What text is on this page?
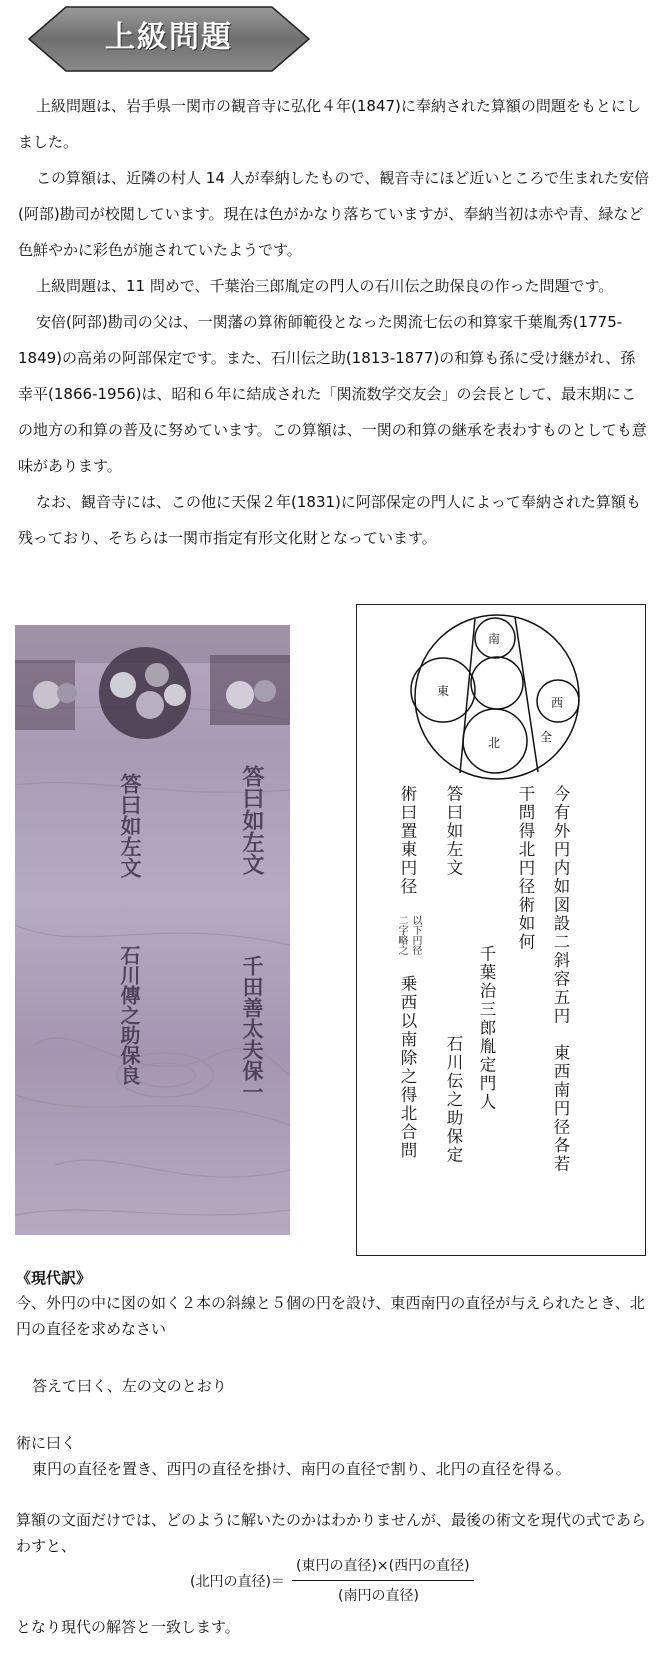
上級問題
上級問題は、岩手県一関市の観音寺に弘化４年(1847)に奉納された算額の問題をもとにしました。
この算額は、近隣の村人 14 人が奉納したもので、観音寺にほど近いところで生まれた安倍(阿部)勘司が校閲しています。現在は色がかなり落ちていますが、奉納当初は赤や青、緑など色鮮やかに彩色が施されていたようです。
上級問題は、11 問めで、千葉治三郎胤定の門人の石川伝之助保良の作った問題です。
安倍(阿部)勘司の父は、一関藩の算術師範役となった関流七伝の和算家千葉胤秀(1775-1849)の高弟の阿部保定です。また、石川伝之助(1813-1877)の和算も孫に受け継がれ、孫幸平(1866-1956)は、昭和６年に結成された「関流数学交友会」の会長として、最末期にこの地方の和算の普及に努めています。この算額は、一関の和算の継承を表わすものとしても意味があります。
なお、観音寺には、この他に天保２年(1831)に阿部保定の門人によって奉納された算額も残っており、そちらは一関市指定有形文化財となっています。
答曰如左文
千田善太夫保一
答曰如左文
石川傳之助保良
南
東
西
北	全
今有外円内如図設二斜容五円　東西南円径各若
干問得北円径術如何
千葉治三郎胤定門人
答曰如左文
石川伝之助保定
術曰置東円径
以下円径
二字略之
乗西以南除之得北合問
《現代訳》
今、外円の中に図の如く２本の斜線と５個の円を設け、東西南円の直径が与えられたとき、北円の直径を求めなさい
答えて曰く、左の文のとおり
術に曰く
東円の直径を置き、西円の直径を掛け、南円の直径で割り、北円の直径を得る。
算額の文面だけでは、どのように解いたのかはわかりませんが、最後の術文を現代の式であらわすと、
(北円の直径)＝
(東円の直径)×(西円の直径)
(南円の直径)
となり現代の解答と一致します。
